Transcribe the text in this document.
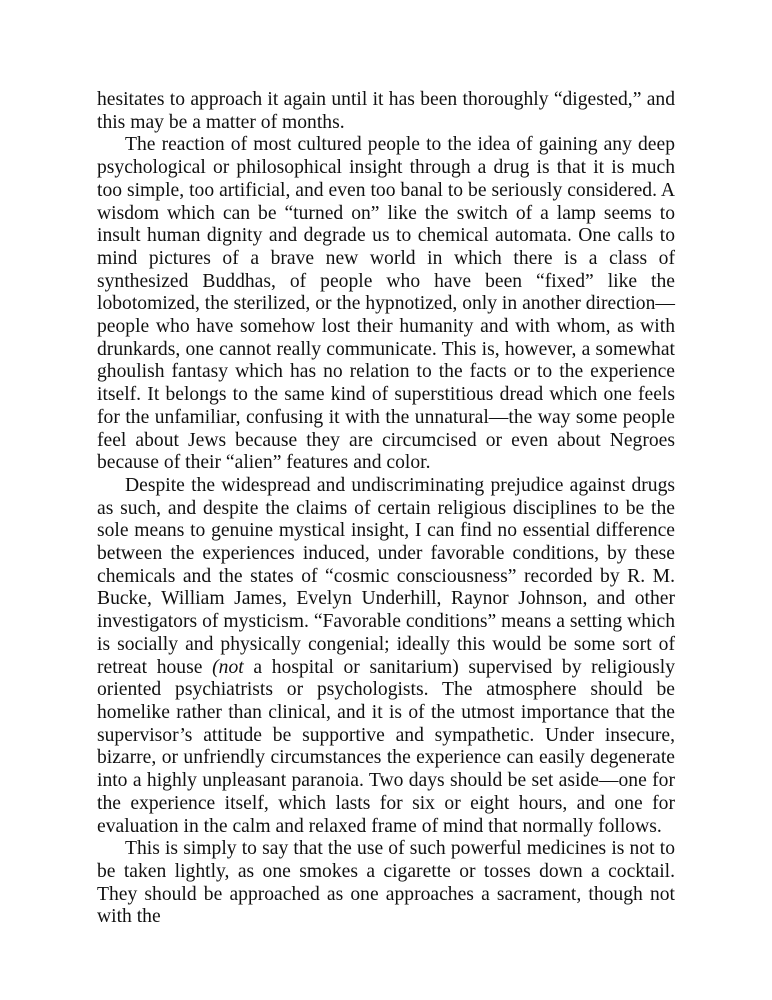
hesitates to approach it again until it has been thoroughly “digested,” and this may be a matter of months.

The reaction of most cultured people to the idea of gaining any deep psychological or philosophical insight through a drug is that it is much too simple, too artificial, and even too banal to be seriously considered. A wisdom which can be “turned on” like the switch of a lamp seems to insult human dignity and degrade us to chemical automata. One calls to mind pictures of a brave new world in which there is a class of synthesized Buddhas, of people who have been “fixed” like the lobotomized, the sterilized, or the hypnotized, only in another direction—people who have somehow lost their humanity and with whom, as with drunkards, one cannot really communicate. This is, however, a somewhat ghoulish fantasy which has no relation to the facts or to the experience itself. It belongs to the same kind of superstitious dread which one feels for the unfamiliar, confusing it with the unnatural—the way some people feel about Jews because they are circumcised or even about Negroes because of their “alien” features and color.

Despite the widespread and undiscriminating prejudice against drugs as such, and despite the claims of certain religious disciplines to be the sole means to genuine mystical insight, I can find no essential difference between the experiences induced, under favorable conditions, by these chemicals and the states of “cosmic consciousness” recorded by R. M. Bucke, William James, Evelyn Underhill, Raynor Johnson, and other investigators of mysticism. “Favorable conditions” means a setting which is socially and physically congenial; ideally this would be some sort of retreat house (not a hospital or sanitarium) supervised by religiously oriented psychiatrists or psychologists. The atmosphere should be homelike rather than clinical, and it is of the utmost importance that the supervisor’s attitude be supportive and sympathetic. Under insecure, bizarre, or unfriendly circumstances the experience can easily degenerate into a highly unpleasant paranoia. Two days should be set aside—one for the experience itself, which lasts for six or eight hours, and one for evaluation in the calm and relaxed frame of mind that normally follows.

This is simply to say that the use of such powerful medicines is not to be taken lightly, as one smokes a cigarette or tosses down a cocktail. They should be approached as one approaches a sacrament, though not with the
